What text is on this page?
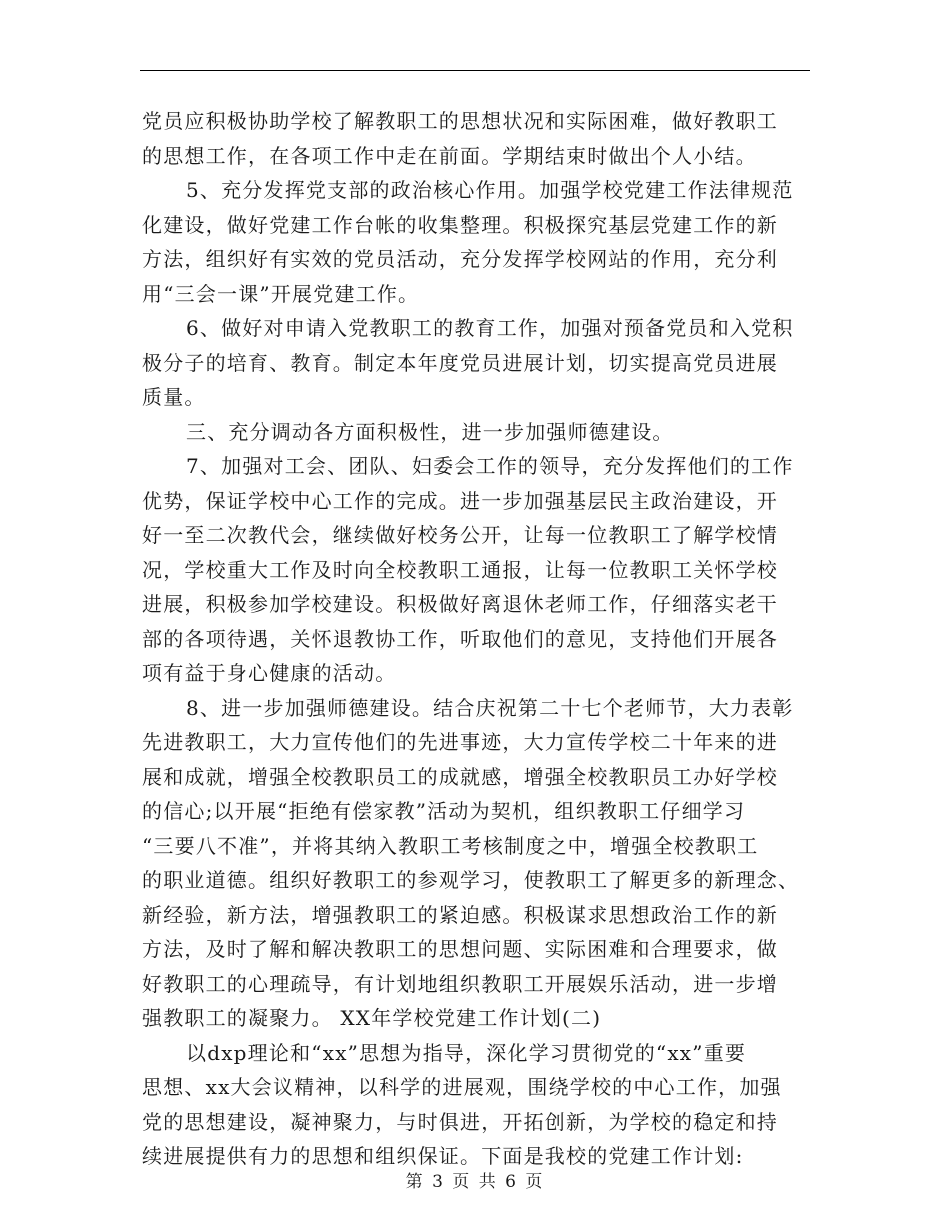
党员应积极协助学校了解教职工的思想状况和实际困难，做好教职工
的思想工作，在各项工作中走在前面。学期结束时做出个人小结。
5、充分发挥党支部的政治核心作用。加强学校党建工作法律规范
化建设，做好党建工作台帐的收集整理。积极探究基层党建工作的新
方法，组织好有实效的党员活动，充分发挥学校网站的作用，充分利
用“三会一课”开展党建工作。
6、做好对申请入党教职工的教育工作，加强对预备党员和入党积
极分子的培育、教育。制定本年度党员进展计划，切实提高党员进展
质量。
三、充分调动各方面积极性，进一步加强师德建设。
7、加强对工会、团队、妇委会工作的领导，充分发挥他们的工作
优势，保证学校中心工作的完成。进一步加强基层民主政治建设，开
好一至二次教代会，继续做好校务公开，让每一位教职工了解学校情
况，学校重大工作及时向全校教职工通报，让每一位教职工关怀学校
进展，积极参加学校建设。积极做好离退休老师工作，仔细落实老干
部的各项待遇，关怀退教协工作，听取他们的意见，支持他们开展各
项有益于身心健康的活动。
8、进一步加强师德建设。结合庆祝第二十七个老师节，大力表彰
先进教职工，大力宣传他们的先进事迹，大力宣传学校二十年来的进
展和成就，增强全校教职员工的成就感，增强全校教职员工办好学校
的信心;以开展“拒绝有偿家教”活动为契机，组织教职工仔细学习
“三要八不准”，并将其纳入教职工考核制度之中，增强全校教职工
的职业道德。组织好教职工的参观学习，使教职工了解更多的新理念、
新经验，新方法，增强教职工的紧迫感。积极谋求思想政治工作的新
方法，及时了解和解决教职工的思想问题、实际困难和合理要求，做
好教职工的心理疏导，有计划地组织教职工开展娱乐活动，进一步增
强教职工的凝聚力。 XX年学校党建工作计划(二)
以dxp理论和“xx”思想为指导，深化学习贯彻党的“xx”重要
思想、xx大会议精神，以科学的进展观，围绕学校的中心工作，加强
党的思想建设，凝神聚力，与时俱进，开拓创新，为学校的稳定和持
续进展提供有力的思想和组织保证。下面是我校的党建工作计划:
第 3 页 共 6 页
